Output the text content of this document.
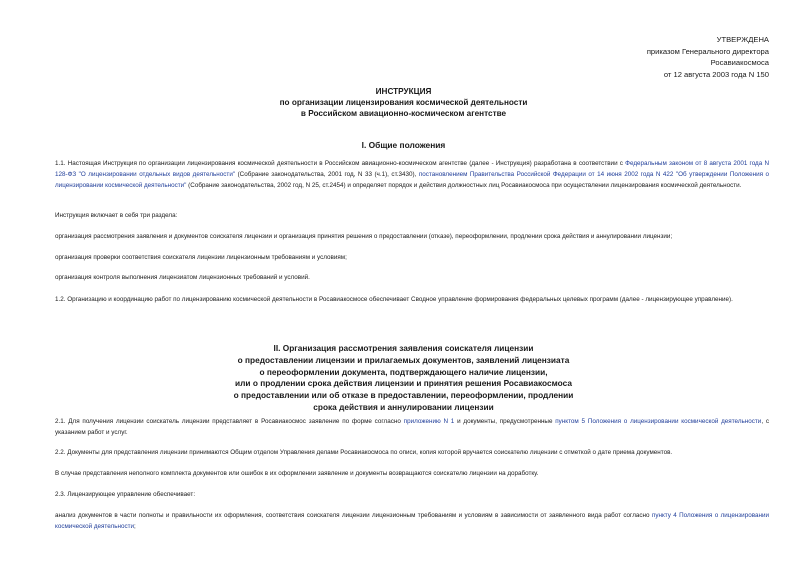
УТВЕРЖДЕНА
приказом Генерального директора
Росавиакосмоса
от 12 августа 2003 года N 150
ИНСТРУКЦИЯ
по организации лицензирования космической деятельности
в Российском авиационно-космическом агентстве
I. Общие положения
1.1. Настоящая Инструкция по организации лицензирования космической деятельности в Российском авиационно-космическом агентстве (далее - Инструкция) разработана в соответствии с Федеральным законом от 8 августа 2001 года N 128-ФЗ "О лицензировании отдельных видов деятельности" (Собрание законодательства, 2001 год, N 33 (ч.1), ст.3430), постановлением Правительства Российской Федерации от 14 июня 2002 года N 422 "Об утверждении Положения о лицензировании космической деятельности" (Собрание законодательства, 2002 год, N 25, ст.2454) и определяет порядок и действия должностных лиц Росавиакосмоса при осуществлении лицензирования космической деятельности.
Инструкция включает в себя три раздела:
организация рассмотрения заявления и документов соискателя лицензии и организация принятия решения о предоставлении (отказе), переоформлении, продлении срока действия и аннулировании лицензии;
организация проверки соответствия соискателя лицензии лицензионным требованиям и условиям;
организация контроля выполнения лицензиатом лицензионных требований и условий.
1.2. Организацию и координацию работ по лицензированию космической деятельности в Росавиакосмосе обеспечивает Сводное управление формирования федеральных целевых программ (далее - лицензирующее управление).
II. Организация рассмотрения заявления соискателя лицензии
о предоставлении лицензии и прилагаемых документов, заявлений лицензиата
о переоформлении документа, подтверждающего наличие лицензии,
или о продлении срока действия лицензии и принятия решения Росавиакосмоса
о предоставлении или об отказе в предоставлении, переоформлении, продлении
срока действия и аннулировании лицензии
2.1. Для получения лицензии соискатель лицензии представляет в Росавиакосмос заявление по форме согласно приложению N 1 и документы, предусмотренные пунктом 5 Положения о лицензировании космической деятельности, с указанием работ и услуг.
2.2. Документы для представления лицензии принимаются Общим отделом Управления делами Росавиакосмоса по описи, копия которой вручается соискателю лицензии с отметкой о дате приема документов.
В случае представления неполного комплекта документов или ошибок в их оформлении заявление и документы возвращаются соискателю лицензии на доработку.
2.3. Лицензирующее управление обеспечивает:
анализ документов в части полноты и правильности их оформления, соответствия соискателя лицензии лицензионным требованиям и условиям в зависимости от заявленного вида работ согласно пункту 4 Положения о лицензировании космической деятельности;
